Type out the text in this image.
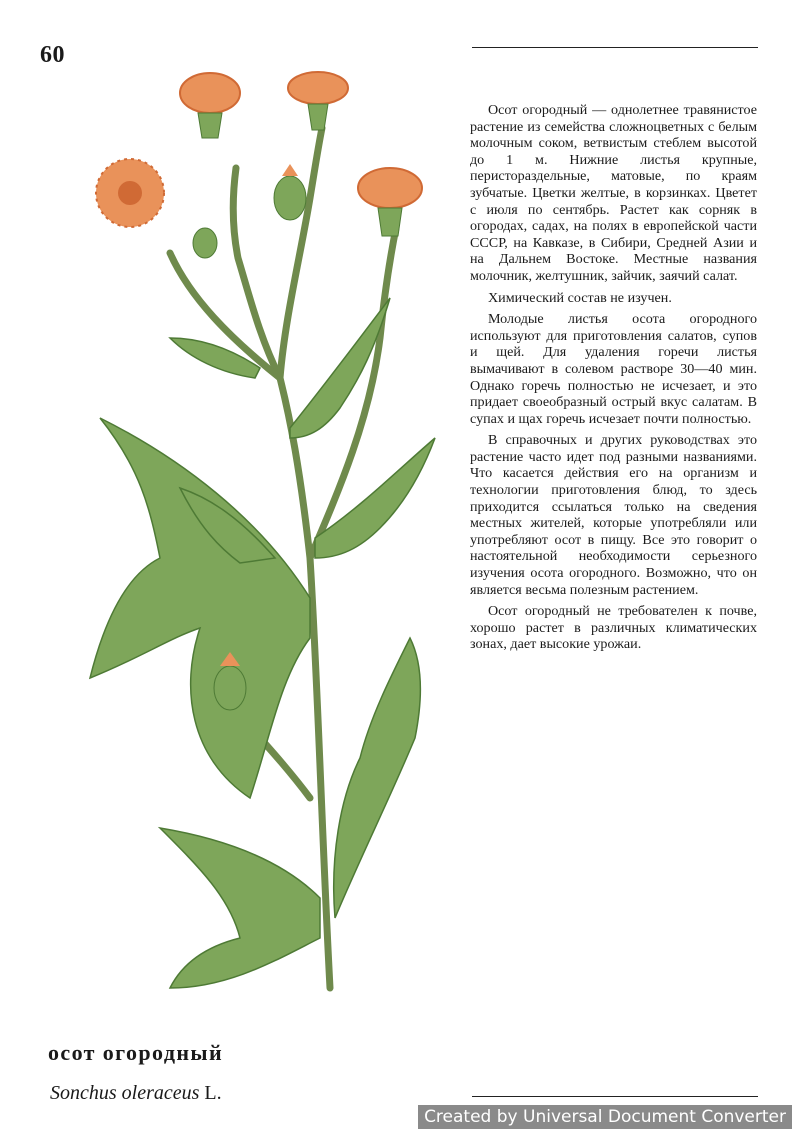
60

Осот огородный — однолетнее травянистое растение из семейства сложноцветных с белым молочным соком, ветвистым стеблем высотой до 1 м. Нижние листья крупные, перистораздельные, матовые, по краям зубчатые. Цветки желтые, в корзинках. Цветет с июля по сентябрь. Растет как сорняк в огородах, садах, на полях в европейской части СССР, на Кавказе, в Сибири, Средней Азии и на Дальнем Востоке. Местные названия молочник, желтушник, зайчик, заячий салат.

Химический состав не изучен.

Молодые листья осота огородного используют для приготовления салатов, супов и щей. Для удаления горечи листья вымачивают в солевом растворе 30—40 мин. Однако горечь полностью не исчезает, и это придает своеобразный острый вкус салатам. В супах и щах горечь исчезает почти полностью.

В справочных и других руководствах это растение часто идет под разными названиями. Что касается действия его на организм и технологии приготовления блюд, то здесь приходится ссылаться только на сведения местных жителей, которые употребляли или употребляют осот в пищу. Все это говорит о настоятельной необходимости серьезного изучения осота огородного. Возможно, что он является весьма полезным растением.

Осот огородный не требователен к почве, хорошо растет в различных климатических зонах, дает высокие урожаи.

осот огородный
Sonchus oleraceus L.
Created by Universal Document Converter
